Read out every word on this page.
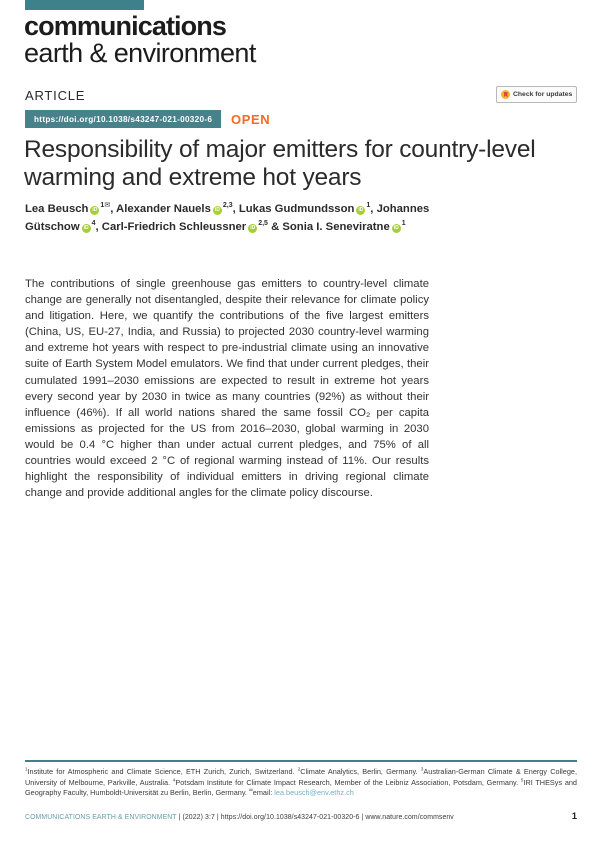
communications
earth & environment
ARTICLE	Check for updates
https://doi.org/10.1038/s43247-021-00320-6	OPEN
Responsibility of major emitters for country-level
warming and extreme hot years
Lea Beusch $iD^{1✉}$, Alexander Nauels iD$^{2,3}$, Lukas Gudmundsson $iD^1$, Johannes Gütschow $iD^4$, Carl-Friedrich Schleussner iD$^{2,5}$ & Sonia I. Seneviratne $iD^1$
The contributions of single greenhouse gas emitters to country-level climate change are generally not disentangled, despite their relevance for climate policy and litigation. Here, we quantify the contributions of the five largest emitters (China, US, EU-27, India, and Russia) to projected 2030 country-level warming and extreme hot years with respect to pre-industrial climate using an innovative suite of Earth System Model emulators. We find that under current pledges, their cumulated 1991–2030 emissions are expected to result in extreme hot years every second year by 2030 in twice as many countries (92%) as without their influence (46%). If all world nations shared the same fossil CO₂ per capita emissions as projected for the US from 2016–2030, global warming in 2030 would be 0.4 °C higher than under actual current pledges, and 75% of all countries would exceed 2 °C of regional warming instead of 11%. Our results highlight the responsibility of individual emitters in driving regional climate change and provide additional angles for the climate policy discourse.
$^1$Institute for Atmospheric and Climate Science, ETH Zurich, Zurich, Switzerland. $^2$Climate Analytics, Berlin, Germany. $^3$Australian-German Climate & Energy College, University of Melbourne, Parkville, Australia. $^4$Potsdam Institute for Climate Impact Research, Member of the Leibniz Association, Potsdam, Germany. $^5$IRI THESys and Geography Faculty, Humboldt-Universität zu Berlin, Berlin, Germany. ✉email: lea.beusch@env.ethz.ch
COMMUNICATIONS EARTH & ENVIRONMENT | (2022) 3:7 | https://doi.org/10.1038/s43247-021-00320-6 | www.nature.com/commsenv	1
